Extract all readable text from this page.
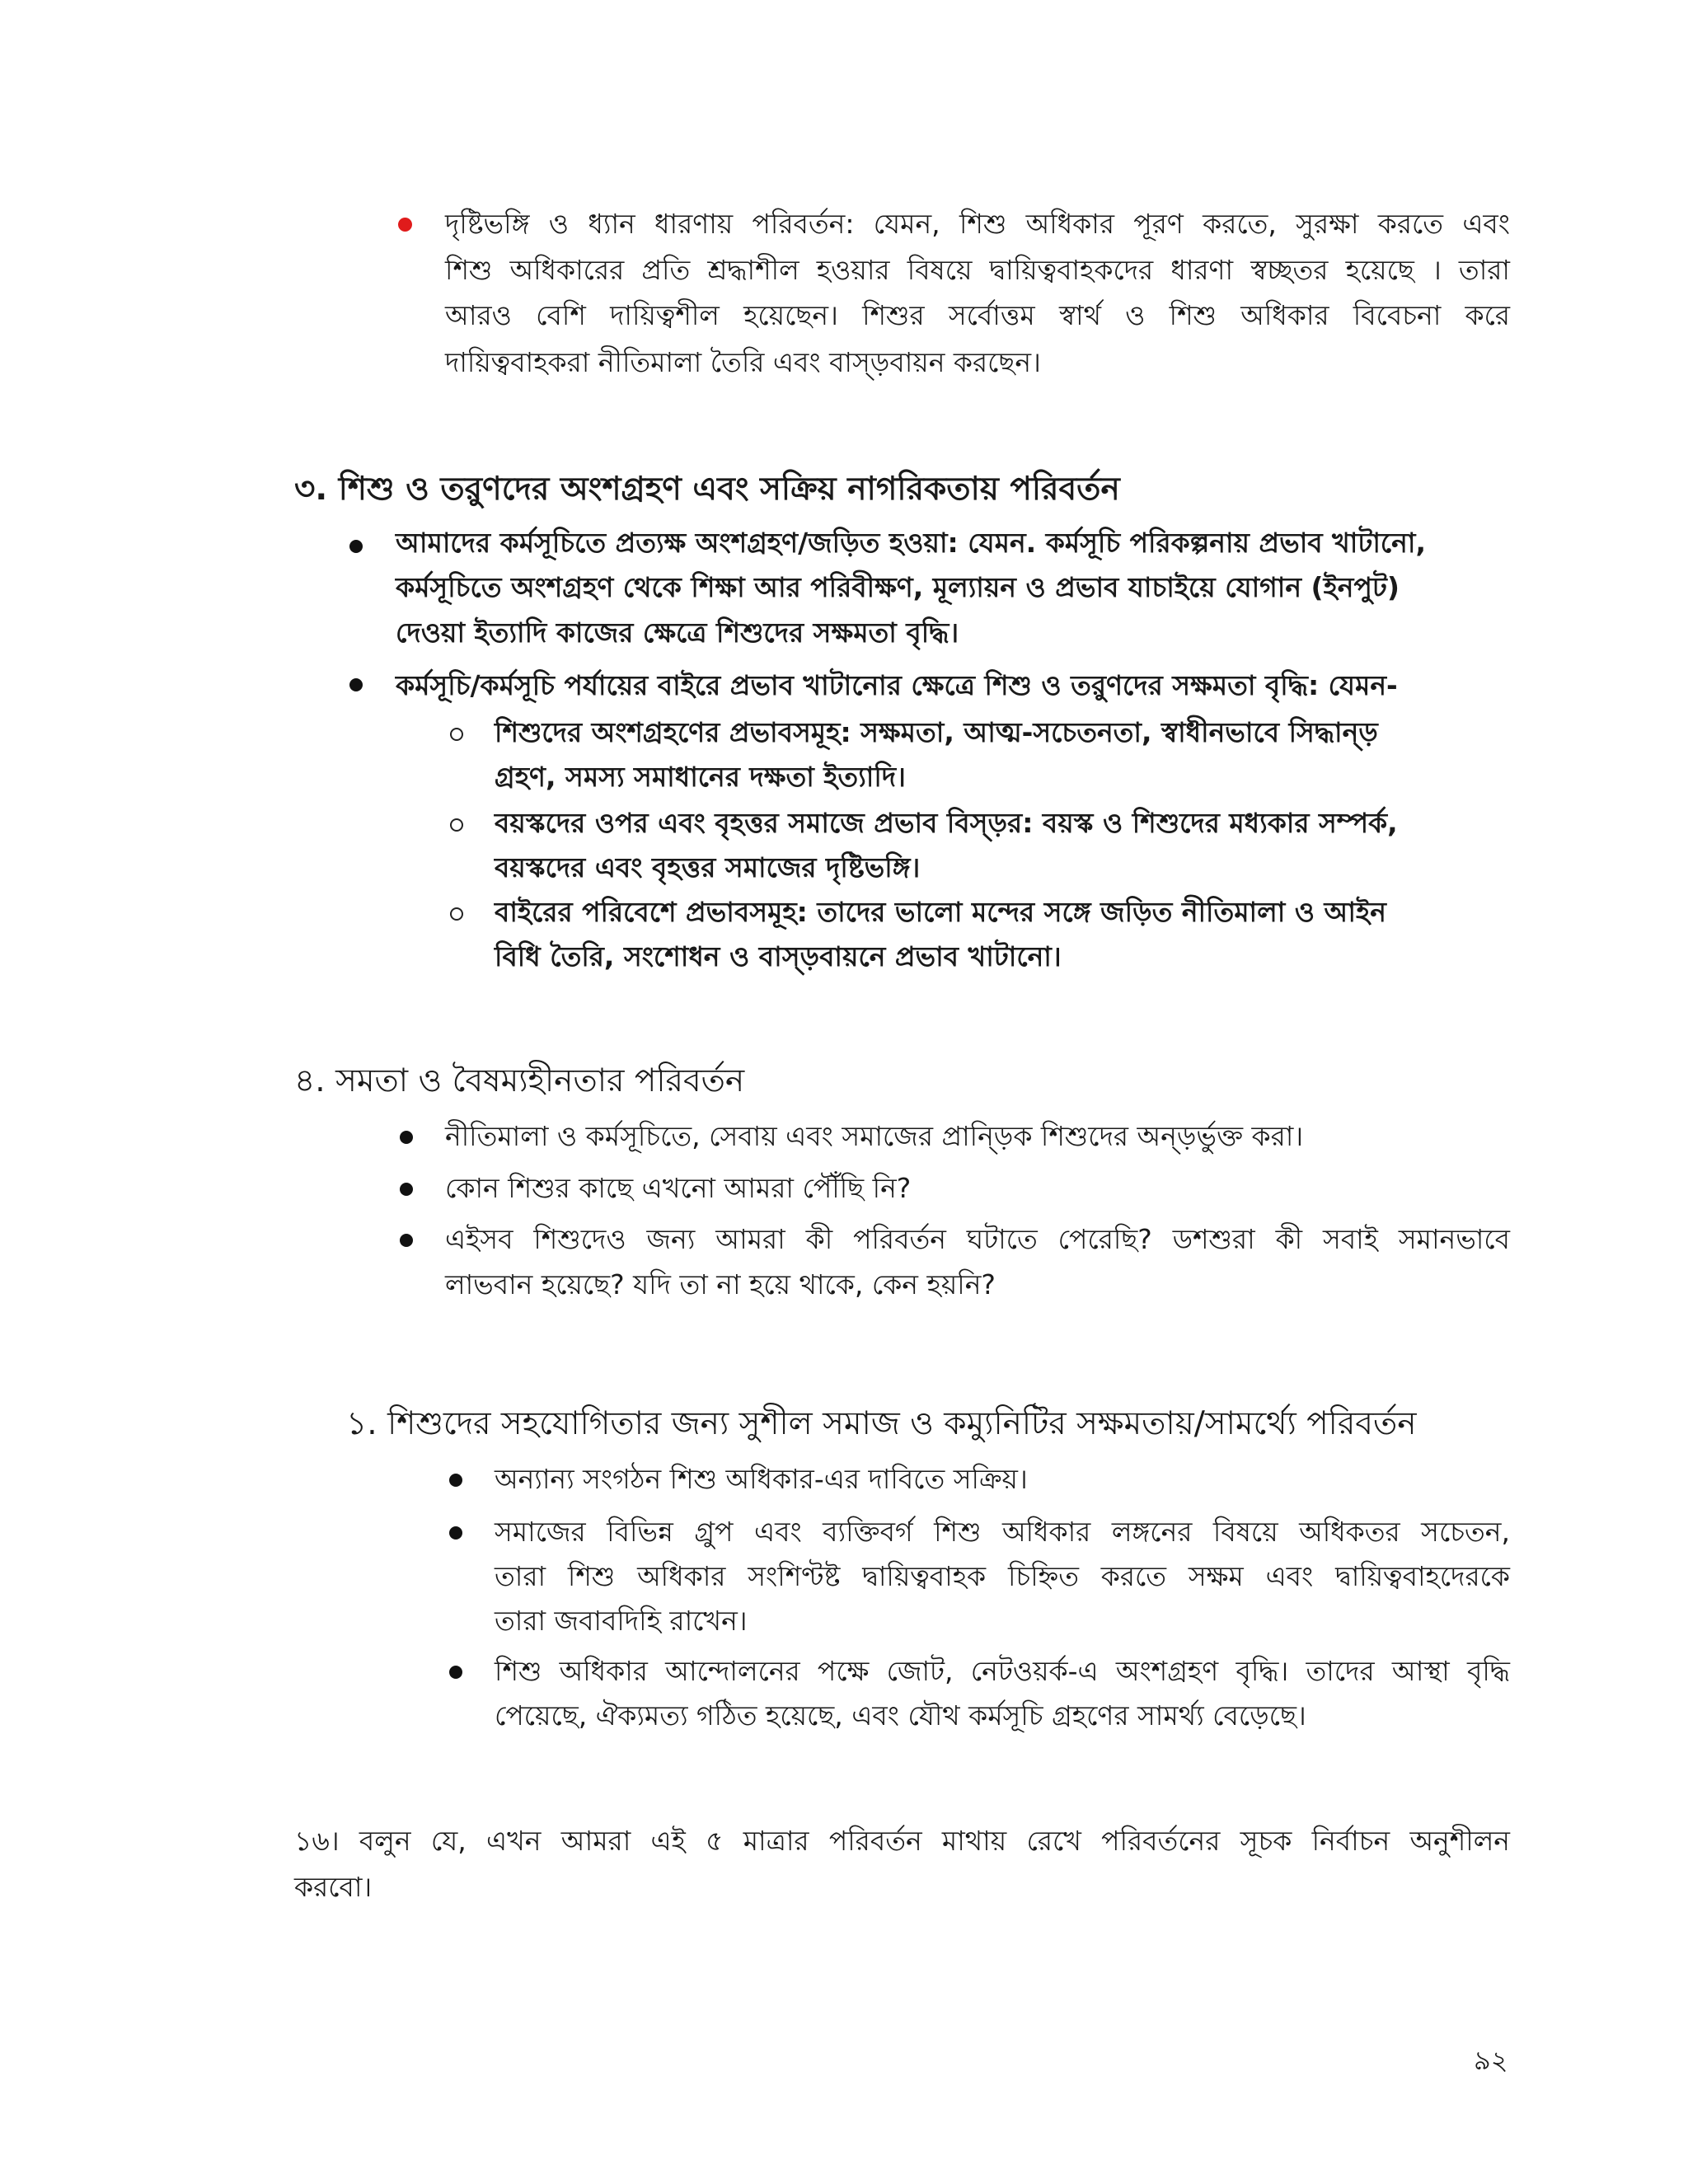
দৃষ্টিভঙ্গি ও ধ্যান ধারণায় পরিবর্তন: যেমন, শিশু অধিকার পূরণ করতে, সুরক্ষা করতে এবং
শিশু অধিকারের প্রতি শ্রদ্ধাশীল হওয়ার বিষয়ে দ্বায়িত্ববাহকদের ধারণা স্বচ্ছতর হয়েছে । তারা
আরও বেশি দায়িত্বশীল হয়েছেন। শিশুর সর্বোত্তম স্বার্থ ও শিশু অধিকার বিবেচনা করে
দায়িত্ববাহকরা নীতিমালা তৈরি এবং বাস্ড়বায়ন করছেন।
৩. শিশু ও তর‍ুণদের অংশগ্রহণ এবং সক্রিয় নাগরিকতায় পরিবর্তন
আমাদের কর্মসূচিতে প্রত্যক্ষ অংশগ্রহণ/জড়িত হওয়া: যেমন. কর্মসূচি পরিকল্পনায় প্রভাব খাটানো,
কর্মসূচিতে অংশগ্রহণ থেকে শিক্ষা আর পরিবীক্ষণ, মূল্যায়ন ও প্রভাব যাচাইয়ে যোগান (ইনপুট)
দেওয়া ইত্যাদি কাজের ক্ষেত্রে শিশুদের সক্ষমতা বৃদ্ধি।
কর্মসূচি/কর্মসূচি পর্যায়ের বাইরে প্রভাব খাটানোর ক্ষেত্রে শিশু ও তর‍ুণদের সক্ষমতা বৃদ্ধি: যেমন-
শিশুদের অংশগ্রহণের প্রভাবসমূহ: সক্ষমতা, আত্ম-সচেতনতা, স্বাধীনভাবে সিদ্ধান্ড়
গ্রহণ, সমস্য সমাধানের দক্ষতা ইত্যাদি।
বয়স্কদের ওপর এবং বৃহত্তর সমাজে প্রভাব বিস্ড়র: বয়স্ক ও শিশুদের মধ্যকার সম্পর্ক,
বয়স্কদের এবং বৃহত্তর সমাজের দৃষ্টিভঙ্গি।
বাইরের পরিবেশে প্রভাবসমূহ: তাদের ভালো মন্দের সঙ্গে জড়িত নীতিমালা ও আইন
বিধি তৈরি, সংশোধন ও বাস্ড়বায়নে প্রভাব খাটানো।
৪. সমতা ও বৈষম্যহীনতার পরিবর্তন
নীতিমালা ও কর্মসূচিতে, সেবায় এবং সমাজের প্রান্ড়িক শিশুদের অন্ড়র্ভুক্ত করা।
কোন শিশুর কাছে এখনো আমরা পৌঁছি নি?
এইসব শিশুদেও জন্য আমরা কী পরিবর্তন ঘটাতে পেরেছি? ডশশুরা কী সবাই সমানভাবে
লাভবান হয়েছে? যদি তা না হয়ে থাকে, কেন হয়নি?
১. শিশুদের সহযোগিতার জন্য সুশীল সমাজ ও কম্যুনিটির সক্ষমতায়/সামর্থ্যে পরিবর্তন
অন্যান্য সংগঠন শিশু অধিকার-এর দাবিতে সক্রিয়।
সমাজের বিভিন্ন গ্র‍ুপ এবং ব্যক্তিবর্গ শিশু অধিকার লঙ্গনের বিষয়ে অধিকতর সচেতন,
তারা শিশু অধিকার সংশিণ্টষ্ট দ্বায়িত্ববাহক চিহ্নিত করতে সক্ষম এবং দ্বায়িত্ববাহদেরকে
তারা জবাবদিহি রাখেন।
শিশু অধিকার আন্দোলনের পক্ষে জোট, নেটওয়র্ক-এ অংশগ্রহণ বৃদ্ধি। তাদের আস্থা বৃদ্ধি
পেয়েছে, ঐক্যমত্য গঠিত হয়েছে, এবং যৌথ কর্মসূচি গ্রহণের সামর্থ্য বেড়েছে।
১৬। বলুন যে, এখন আমরা এই ৫ মাত্রার পরিবর্তন মাথায় রেখে পরিবর্তনের সূচক নির্বাচন অনুশীলন
করবো।
৯২
